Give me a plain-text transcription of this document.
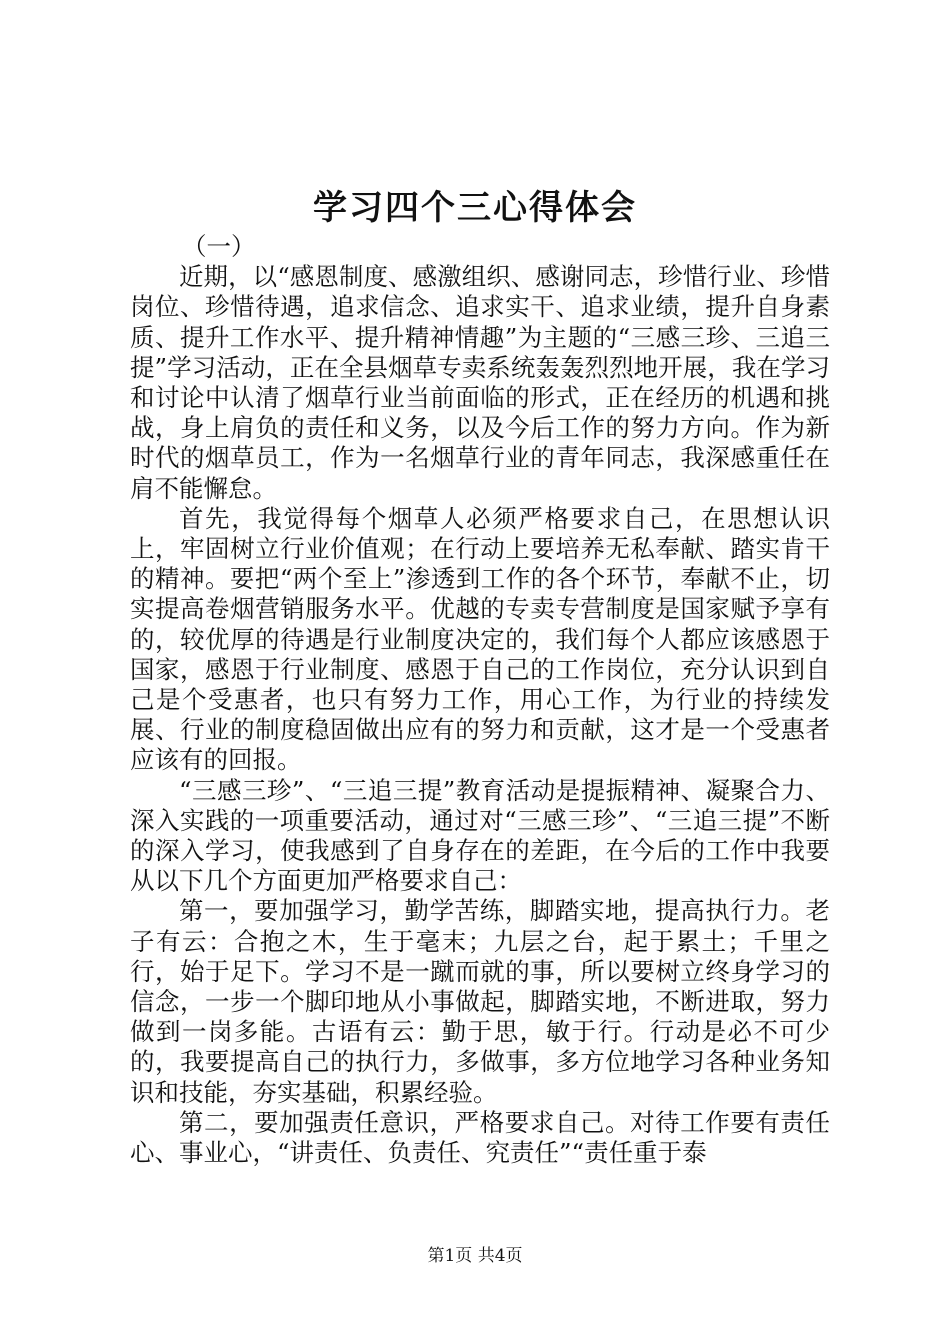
学习四个三心得体会

（一）

近期，以“感恩制度、感激组织、感谢同志，珍惜行业、珍惜岗位、珍惜待遇，追求信念、追求实干、追求业绩，提升自身素质、提升工作水平、提升精神情趣”为主题的“三感三珍、三追三提”学习活动，正在全县烟草专卖系统轰轰烈烈地开展，我在学习和讨论中认清了烟草行业当前面临的形式，正在经历的机遇和挑战，身上肩负的责任和义务，以及今后工作的努力方向。作为新时代的烟草员工，作为一名烟草行业的青年同志，我深感重任在肩不能懈怠。

首先，我觉得每个烟草人必须严格要求自己，在思想认识上，牢固树立行业价值观；在行动上要培养无私奉献、踏实肯干的精神。要把“两个至上”渗透到工作的各个环节，奉献不止，切实提高卷烟营销服务水平。优越的专卖专营制度是国家赋予享有的，较优厚的待遇是行业制度决定的，我们每个人都应该感恩于国家，感恩于行业制度、感恩于自己的工作岗位，充分认识到自己是个受惠者，也只有努力工作，用心工作，为行业的持续发展、行业的制度稳固做出应有的努力和贡献，这才是一个受惠者应该有的回报。

“三感三珍”、“三追三提”教育活动是提振精神、凝聚合力、深入实践的一项重要活动，通过对“三感三珍”、“三追三提”不断的深入学习，使我感到了自身存在的差距，在今后的工作中我要从以下几个方面更加严格要求自己：

第一，要加强学习，勤学苦练，脚踏实地，提高执行力。老子有云：合抱之木，生于毫末；九层之台，起于累土；千里之行，始于足下。学习不是一蹴而就的事，所以要树立终身学习的信念，一步一个脚印地从小事做起，脚踏实地，不断进取，努力做到一岗多能。古语有云：勤于思，敏于行。行动是必不可少的，我要提高自己的执行力，多做事，多方位地学习各种业务知识和技能，夯实基础，积累经验。

第二，要加强责任意识，严格要求自己。对待工作要有责任心、事业心，“讲责任、负责任、究责任”“责任重于泰

第1页 共4页
